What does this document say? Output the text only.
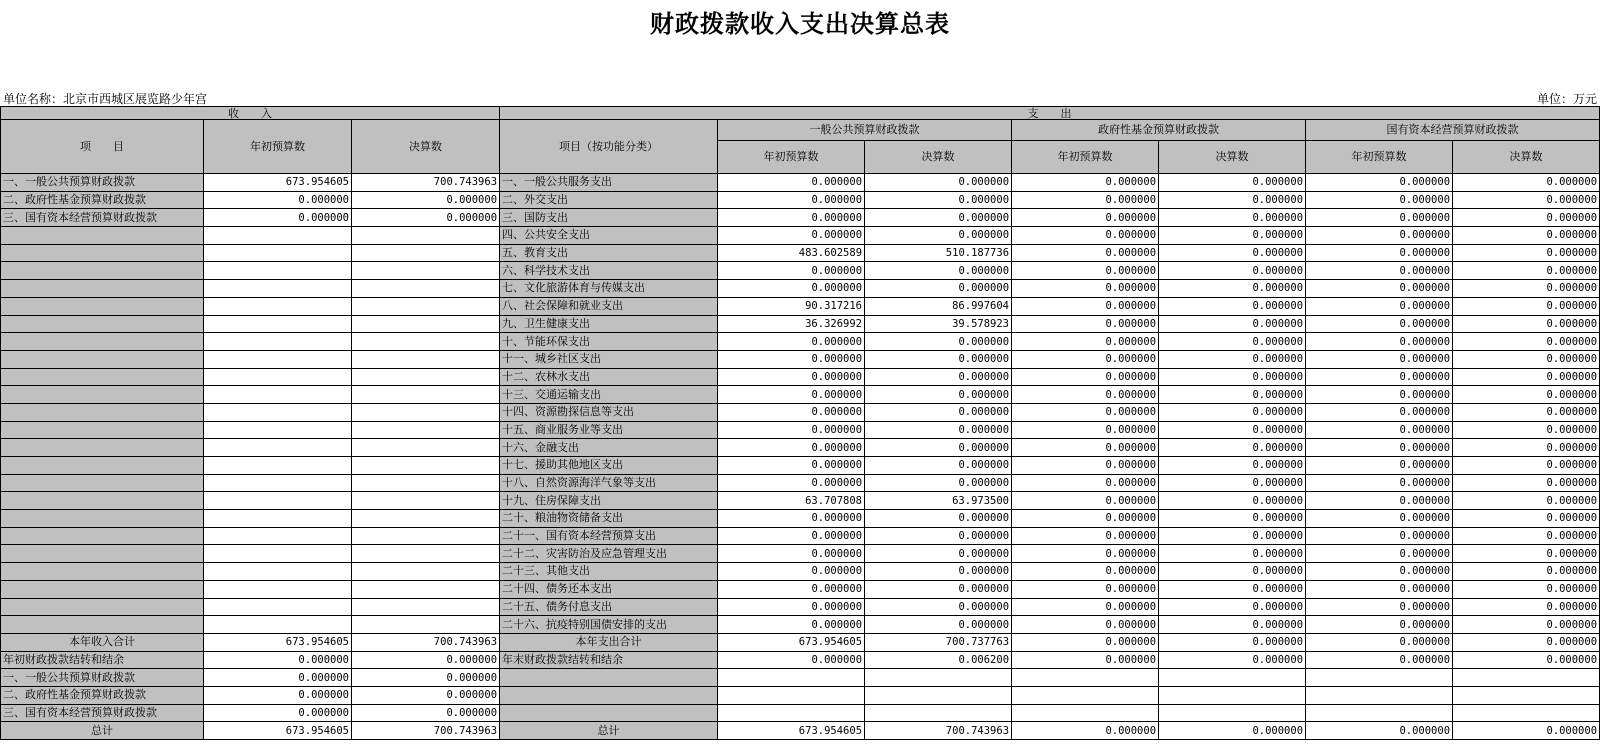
财政拨款收入支出决算总表
单位名称：北京市西城区展览路少年宫	单位：万元
收　　入			支　　出						
项　　目	年初预算数	决算数	项目（按功能分类）	一般公共预算财政拨款		政府性基金预算财政拨款		国有资本经营预算财政拨款	
				年初预算数	决算数	年初预算数	决算数	年初预算数	决算数
一、一般公共预算财政拨款	673.954605	700.743963	一、一般公共服务支出	0.000000	0.000000	0.000000	0.000000	0.000000	0.000000
二、政府性基金预算财政拨款	0.000000	0.000000	二、外交支出	0.000000	0.000000	0.000000	0.000000	0.000000	0.000000
三、国有资本经营预算财政拨款	0.000000	0.000000	三、国防支出	0.000000	0.000000	0.000000	0.000000	0.000000	0.000000
			四、公共安全支出	0.000000	0.000000	0.000000	0.000000	0.000000	0.000000
			五、教育支出	483.602589	510.187736	0.000000	0.000000	0.000000	0.000000
			六、科学技术支出	0.000000	0.000000	0.000000	0.000000	0.000000	0.000000
			七、文化旅游体育与传媒支出	0.000000	0.000000	0.000000	0.000000	0.000000	0.000000
			八、社会保障和就业支出	90.317216	86.997604	0.000000	0.000000	0.000000	0.000000
			九、卫生健康支出	36.326992	39.578923	0.000000	0.000000	0.000000	0.000000
			十、节能环保支出	0.000000	0.000000	0.000000	0.000000	0.000000	0.000000
			十一、城乡社区支出	0.000000	0.000000	0.000000	0.000000	0.000000	0.000000
			十二、农林水支出	0.000000	0.000000	0.000000	0.000000	0.000000	0.000000
			十三、交通运输支出	0.000000	0.000000	0.000000	0.000000	0.000000	0.000000
			十四、资源勘探信息等支出	0.000000	0.000000	0.000000	0.000000	0.000000	0.000000
			十五、商业服务业等支出	0.000000	0.000000	0.000000	0.000000	0.000000	0.000000
			十六、金融支出	0.000000	0.000000	0.000000	0.000000	0.000000	0.000000
			十七、援助其他地区支出	0.000000	0.000000	0.000000	0.000000	0.000000	0.000000
			十八、自然资源海洋气象等支出	0.000000	0.000000	0.000000	0.000000	0.000000	0.000000
			十九、住房保障支出	63.707808	63.973500	0.000000	0.000000	0.000000	0.000000
			二十、粮油物资储备支出	0.000000	0.000000	0.000000	0.000000	0.000000	0.000000
			二十一、国有资本经营预算支出	0.000000	0.000000	0.000000	0.000000	0.000000	0.000000
			二十二、灾害防治及应急管理支出	0.000000	0.000000	0.000000	0.000000	0.000000	0.000000
			二十三、其他支出	0.000000	0.000000	0.000000	0.000000	0.000000	0.000000
			二十四、债务还本支出	0.000000	0.000000	0.000000	0.000000	0.000000	0.000000
			二十五、债务付息支出	0.000000	0.000000	0.000000	0.000000	0.000000	0.000000
			二十六、抗疫特别国债安排的支出	0.000000	0.000000	0.000000	0.000000	0.000000	0.000000
本年收入合计	673.954605	700.743963	本年支出合计	673.954605	700.737763	0.000000	0.000000	0.000000	0.000000
年初财政拨款结转和结余	0.000000	0.000000	年末财政拨款结转和结余	0.000000	0.006200	0.000000	0.000000	0.000000	0.000000
一、一般公共预算财政拨款	0.000000	0.000000							
二、政府性基金预算财政拨款	0.000000	0.000000							
三、国有资本经营预算财政拨款	0.000000	0.000000							
总计	673.954605	700.743963	总计	673.954605	700.743963	0.000000	0.000000	0.000000	0.000000
